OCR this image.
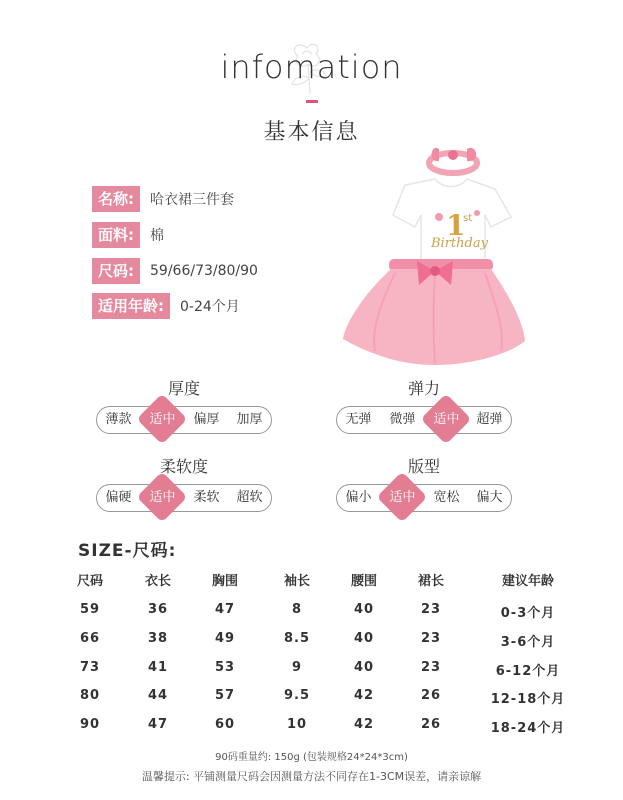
infomation
基本信息
名称:	哈衣裙三件套
面料:	棉
尺码:	59/66/73/80/90
适用年龄:	0-24个月
1
st
Birthday
厚度
薄款	适中	偏厚	加厚
弹力
无弹	微弹	适中	超弹
柔软度
偏硬	适中	柔软	超软
版型
偏小	适中	宽松	偏大
SIZE-尺码:
尺码	衣长	胸围	袖长	腰围	裙长	建议年龄
59	36	47	8	40	23	0-3个月
66	38	49	8.5	40	23	3-6个月
73	41	53	9	40	23	6-12个月
80	44	57	9.5	42	26	12-18个月
90	47	60	10	42	26	18-24个月
90码重量约: 150g (包装规格24*24*3cm)
温馨提示: 平铺测量尺码会因测量方法不同存在1-3CM误差，请亲谅解
